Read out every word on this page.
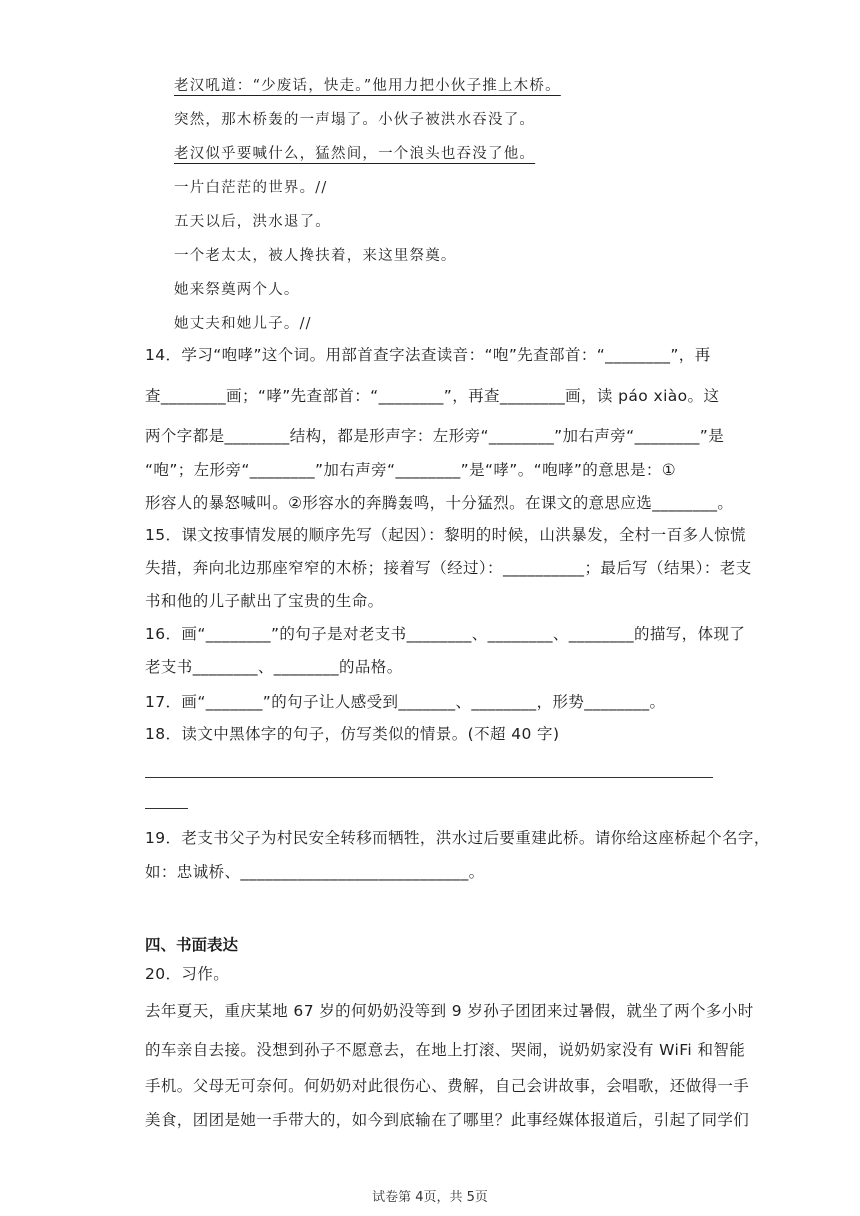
老汉吼道：“少废话，快走。”他用力把小伙子推上木桥。
突然，那木桥轰的一声塌了。小伙子被洪水吞没了。
老汉似乎要喊什么，猛然间，一个浪头也吞没了他。
一片白茫茫的世界。//
五天以后，洪水退了。
一个老太太，被人搀扶着，来这里祭奠。
她来祭奠两个人。
她丈夫和她儿子。//
14．学习“咆哮”这个词。用部首查字法查读音：“咆”先查部首：“________”，再
查________画；“哮”先查部首：“________”，再查________画，读 páo xiào。这
两个字都是________结构，都是形声字：左形旁“________”加右声旁“________”是
“咆”；左形旁“________”加右声旁“________”是“哮”。“咆哮”的意思是：①
形容人的暴怒喊叫。②形容水的奔腾轰鸣，十分猛烈。在课文的意思应选________。
15．课文按事情发展的顺序先写（起因）：黎明的时候，山洪暴发，全村一百多人惊慌
失措，奔向北边那座窄窄的木桥；接着写（经过）：__________；最后写（结果）：老支
书和他的儿子献出了宝贵的生命。
16．画“________”的句子是对老支书________、________、________的描写，体现了
老支书________、________的品格。
17．画“_______”的句子让人感受到_______、________，形势________。
18．读文中黑体字的句子，仿写类似的情景。(不超 40 字)
19．老支书父子为村民安全转移而牺牲，洪水过后要重建此桥。请你给这座桥起个名字，
如：忠诚桥、____________________________。
四、书面表达
20．习作。
去年夏天，重庆某地 67 岁的何奶奶没等到 9 岁孙子团团来过暑假，就坐了两个多小时
的车亲自去接。没想到孙子不愿意去，在地上打滚、哭闹，说奶奶家没有 WiFi 和智能
手机。父母无可奈何。何奶奶对此很伤心、费解，自己会讲故事，会唱歌，还做得一手
美食，团团是她一手带大的，如今到底输在了哪里？此事经媒体报道后，引起了同学们
试卷第 4页，共 5页
